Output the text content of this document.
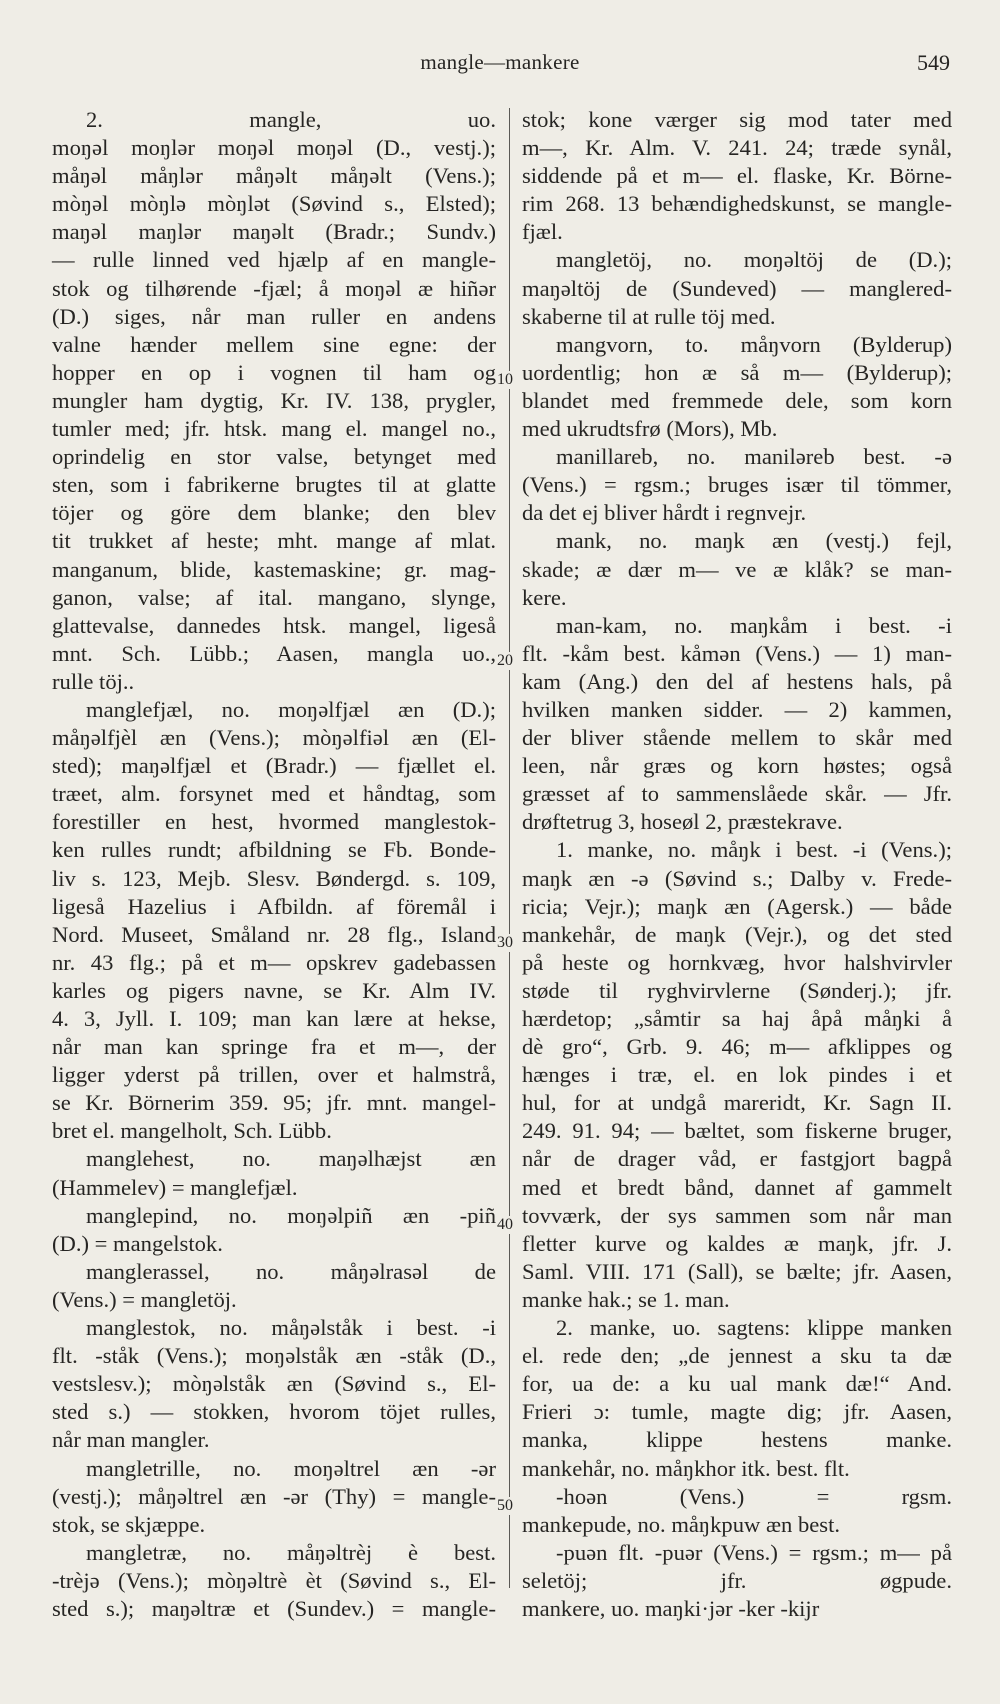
mangle—mankere	549
10
20
30
40
50
2. mangle, uo.
moŋəl moŋlər moŋəl moŋəl (D., vestj.);
måŋəl måŋlər måŋəlt måŋəlt (Vens.);
mòŋəl mòŋlə mòŋlət (Søvind s., Elsted);
maŋəl maŋlər maŋəlt (Bradr.; Sundv.)
— rulle linned ved hjælp af en mangle-
stok og tilhørende -fjæl; å moŋəl æ hiñər
(D.) siges, når man ruller en andens
valne hænder mellem sine egne: der
hopper en op i vognen til ham og
mungler ham dygtig, Kr. IV. 138, prygler,
tumler med; jfr. htsk. mang el. mangel no.,
oprindelig en stor valse, betynget med
sten, som i fabrikerne brugtes til at glatte
töjer og göre dem blanke; den blev
tit trukket af heste; mht. mange af mlat.
manganum, blide, kastemaskine; gr. mag-
ganon, valse; af ital. mangano, slynge,
glattevalse, dannedes htsk. mangel, ligeså
mnt. Sch. Lübb.; Aasen, mangla uo.,
rulle töj..
manglefjæl, no. moŋəlfjæl æn (D.);
måŋəlfjèl æn (Vens.); mòŋəlfiəl æn (El-
sted); maŋəlfjæl et (Bradr.) — fjællet el.
træet, alm. forsynet med et håndtag, som
forestiller en hest, hvormed manglestok-
ken rulles rundt; afbildning se Fb. Bonde-
liv s. 123, Mejb. Slesv. Bøndergd. s. 109,
ligeså Hazelius i Afbildn. af föremål i
Nord. Museet, Småland nr. 28 flg., Island
nr. 43 flg.; på et m— opskrev gadebassen
karles og pigers navne, se Kr. Alm IV.
4. 3, Jyll. I. 109; man kan lære at hekse,
når man kan springe fra et m—, der
ligger yderst på trillen, over et halmstrå,
se Kr. Börnerim 359. 95; jfr. mnt. mangel-
bret el. mangelholt, Sch. Lübb.
manglehest, no. maŋəlhæjst æn
(Hammelev) = manglefjæl.
manglepind, no. moŋəlpiñ æn -piñ
(D.) = mangelstok.
manglerassel, no. måŋəlrasəl de
(Vens.) = mangletöj.
manglestok, no. måŋəlståk i best. -i
flt. -ståk (Vens.); moŋəlståk æn -ståk (D.,
vestslesv.); mòŋəlståk æn (Søvind s., El-
sted s.) — stokken, hvorom töjet rulles,
når man mangler.
mangletrille, no. moŋəltrel æn -ər
(vestj.); måŋəltrel æn -ər (Thy) = mangle-
stok, se skjæppe.
mangletræ, no. måŋəltrèj è best.
-trèjə (Vens.); mòŋəltrè èt (Søvind s., El-
sted s.); maŋəltræ et (Sundev.) = mangle-
stok; kone værger sig mod tater med
m—, Kr. Alm. V. 241. 24; træde synål,
siddende på et m— el. flaske, Kr. Börne-
rim 268. 13 behændighedskunst, se mangle-
fjæl.
mangletöj, no. moŋəltöj de (D.);
maŋəltöj de (Sundeved) — manglered-
skaberne til at rulle töj med.
mangvorn, to. måŋvorn (Bylderup)
uordentlig; hon æ så m— (Bylderup);
blandet med fremmede dele, som korn
med ukrudtsfrø (Mors), Mb.
manillareb, no. maniləreb best. -ə
(Vens.) = rgsm.; bruges især til tömmer,
da det ej bliver hårdt i regnvejr.
mank, no. maŋk æn (vestj.) fejl,
skade; æ dær m— ve æ klåk? se man-
kere.
man-kam, no. maŋkåm i best. -i
flt. -kåm best. kåmən (Vens.) — 1) man-
kam (Ang.) den del af hestens hals, på
hvilken manken sidder. — 2) kammen,
der bliver stående mellem to skår med
leen, når græs og korn høstes; også
græsset af to sammenslåede skår. — Jfr.
drøftetrug 3, hoseøl 2, præstekrave.
1. manke, no. måŋk i best. -i (Vens.);
maŋk æn -ə (Søvind s.; Dalby v. Frede-
ricia; Vejr.); maŋk æn (Agersk.) — både
mankehår, de maŋk (Vejr.), og det sted
på heste og hornkvæg, hvor halshvirvler
støde til ryghvirvlerne (Sønderj.); jfr.
hærdetop; „såmtir sa haj åpå måŋki å
dè gro“, Grb. 9. 46; m— afklippes og
hænges i træ, el. en lok pindes i et
hul, for at undgå mareridt, Kr. Sagn II.
249. 91. 94; — bæltet, som fiskerne bruger,
når de drager våd, er fastgjort bagpå
med et bredt bånd, dannet af gammelt
tovværk, der sys sammen som når man
fletter kurve og kaldes æ maŋk, jfr. J.
Saml. VIII. 171 (Sall), se bælte; jfr. Aasen,
manke hak.; se 1. man.
2. manke, uo. sagtens: klippe manken
el. rede den; „de jennest a sku ta dæ
for, ua de: a ku ual mank dæ!“ And.
Frieri ɔ: tumle, magte dig; jfr. Aasen,
manka, klippe hestens manke.
mankehår, no. måŋkhor itk. best. flt.
-hoən (Vens.) = rgsm.
mankepude, no. måŋkpuw æn best.
-puən flt. -puər (Vens.) = rgsm.; m— på
seletöj; jfr. øgpude.
mankere, uo. maŋki·jər -ker -kijr
